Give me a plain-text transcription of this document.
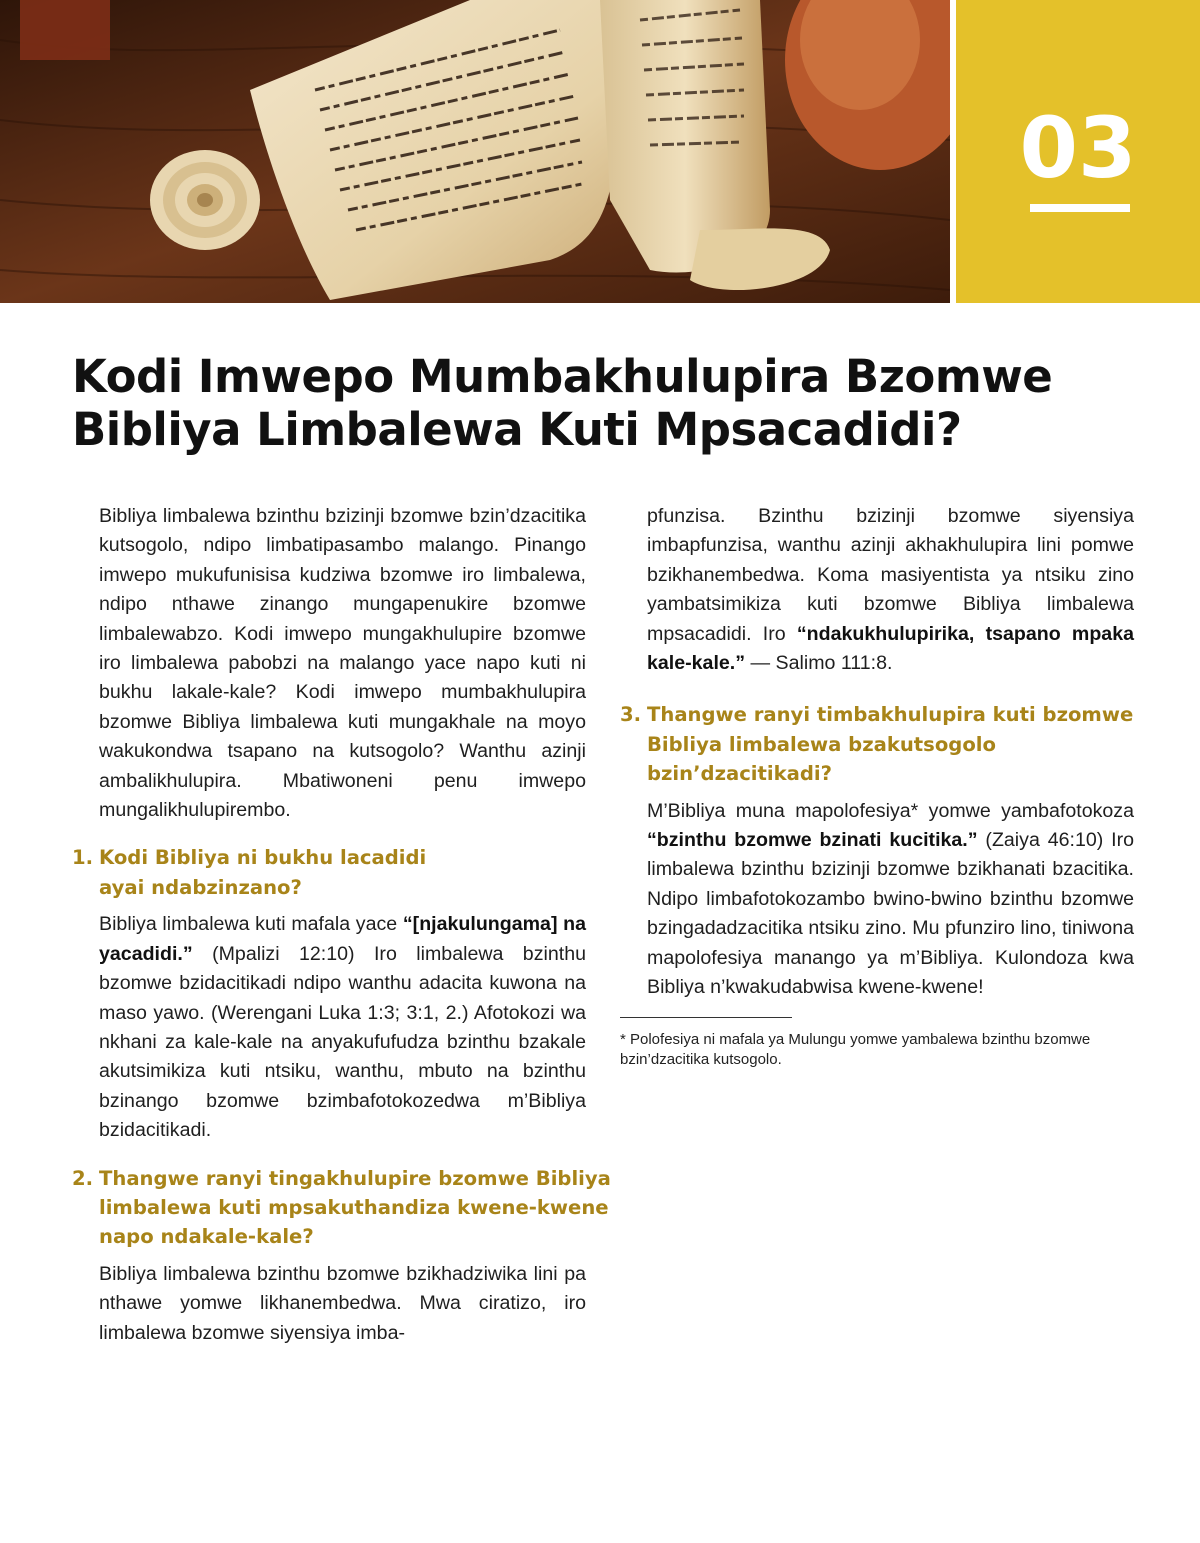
03
Kodi Imwepo Mumbakhulupira Bzomwe
Bibliya Limbalewa Kuti Mpsacadidi?

Bibliya limbalewa bzinthu bzizinji bzomwe bzin’dzacitika kutsogolo, ndipo limbatipasambo malango. Pinango imwepo mukufunisisa kudziwa bzomwe iro limbalewa, ndipo nthawe zinango mungapenukire bzomwe limbalewabzo. Kodi imwepo mungakhulupire bzomwe iro limbalewa pabobzi na malango yace napo kuti ni bukhu lakale-kale? Kodi imwepo mumbakhulupira bzomwe Bibliya limbalewa kuti mungakhale na moyo wakukondwa tsapano na kutsogolo? Wanthu azinji ambalikhulupira. Mbatiwoneni penu imwepo mungalikhulupirembo.

1. Kodi Bibliya ni bukhu lacadidi
ayai ndabzinzano?

Bibliya limbalewa kuti mafala yace “[njakulungama] na yacadidi.” (Mpalizi 12:10) Iro limbalewa bzinthu bzomwe bzidacitikadi ndipo wanthu adacita kuwona na maso yawo. (Werengani Luka 1:3; 3:1, 2.) Afotokozi wa nkhani za kale-kale na anyakufufudza bzinthu bzakale akutsimikiza kuti ntsiku, wanthu, mbuto na bzinthu bzinango bzomwe bzimbafotokozedwa m’Bibliya bzidacitikadi.

2. Thangwe ranyi tingakhulupire bzomwe Bibliya
limbalewa kuti mpsakuthandiza kwene-kwene
napo ndakale-kale?

Bibliya limbalewa bzinthu bzomwe bzikhadziwika lini pa nthawe yomwe likhanembedwa. Mwa ciratizo, iro limbalewa bzomwe siyensiya imba-

pfunzisa. Bzinthu bzizinji bzomwe siyensiya imbapfunzisa, wanthu azinji akhakhulupira lini pomwe bzikhanembedwa. Koma masiyentista ya ntsiku zino yambatsimikiza kuti bzomwe Bibliya limbalewa mpsacadidi. Iro “ndakukhulupirika, tsapano mpaka kale-kale.” — Salimo 111:8.

3. Thangwe ranyi timbakhulupira kuti bzomwe
Bibliya limbalewa bzakutsogolo
bzin’dzacitikadi?

M’Bibliya muna mapolofesiya* yomwe yambafotokoza “bzinthu bzomwe bzinati kucitika.” (Zaiya 46:10) Iro limbalewa bzinthu bzizinji bzomwe bzikhanati bzacitika. Ndipo limbafotokozambo bwino-bwino bzinthu bzomwe bzingadadzacitika ntsiku zino. Mu pfunziro lino, tiniwona mapolofesiya manango ya m’Bibliya. Kulondoza kwa Bibliya n’kwakudabwisa kwene-kwene!

* Polofesiya ni mafala ya Mulungu yomwe yambalewa bzinthu bzomwe bzin’dzacitika kutsogolo.
